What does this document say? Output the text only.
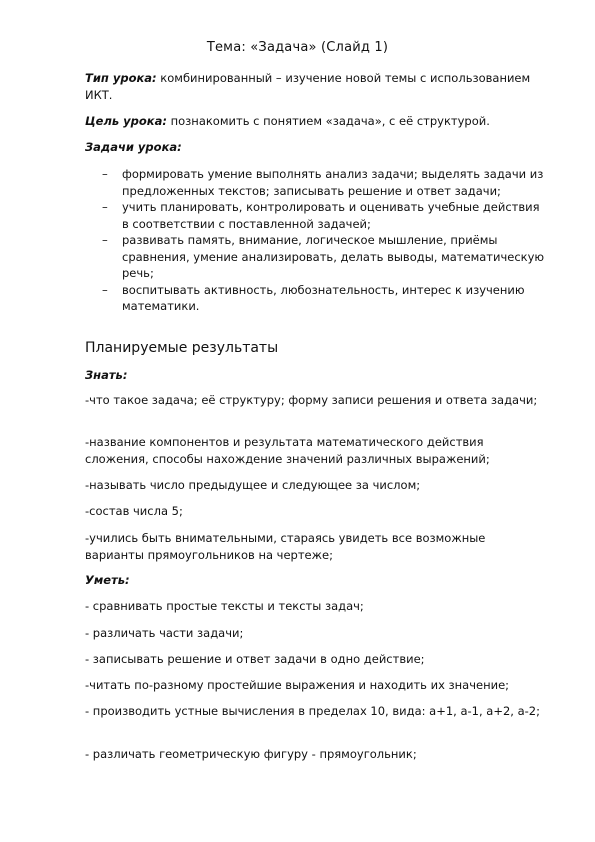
Тема: «Задача» (Слайд 1)

Тип урока: комбинированный – изучение новой темы с использованием ИКТ.

Цель урока: познакомить с понятием «задача», с её структурой.

Задачи урока:

– формировать умение выполнять анализ задачи; выделять задачи из предложенных текстов; записывать решение и ответ задачи;
– учить планировать, контролировать и оценивать учебные действия в соответствии с поставленной задачей;
– развивать память, внимание, логическое мышление, приёмы сравнения, умение анализировать, делать выводы, математическую речь;
– воспитывать активность, любознательность, интерес к изучению математики.
Планируемые результаты

Знать:

-что такое задача; её структуру; форму записи решения и ответа задачи;

-название компонентов и результата математического действия сложения, способы нахождение значений различных выражений;

-называть число предыдущее и следующее за числом;

-состав числа 5;

-учились быть внимательными, стараясь увидеть все возможные варианты прямоугольников на чертеже;

Уметь:

- сравнивать простые тексты и тексты задач;

- различать части задачи;

- записывать решение и ответ задачи в одно действие;

-читать по-разному простейшие выражения и находить их значение;

- производить устные вычисления в пределах 10, вида: а+1, а-1, а+2, а-2;

- различать геометрическую фигуру - прямоугольник;
